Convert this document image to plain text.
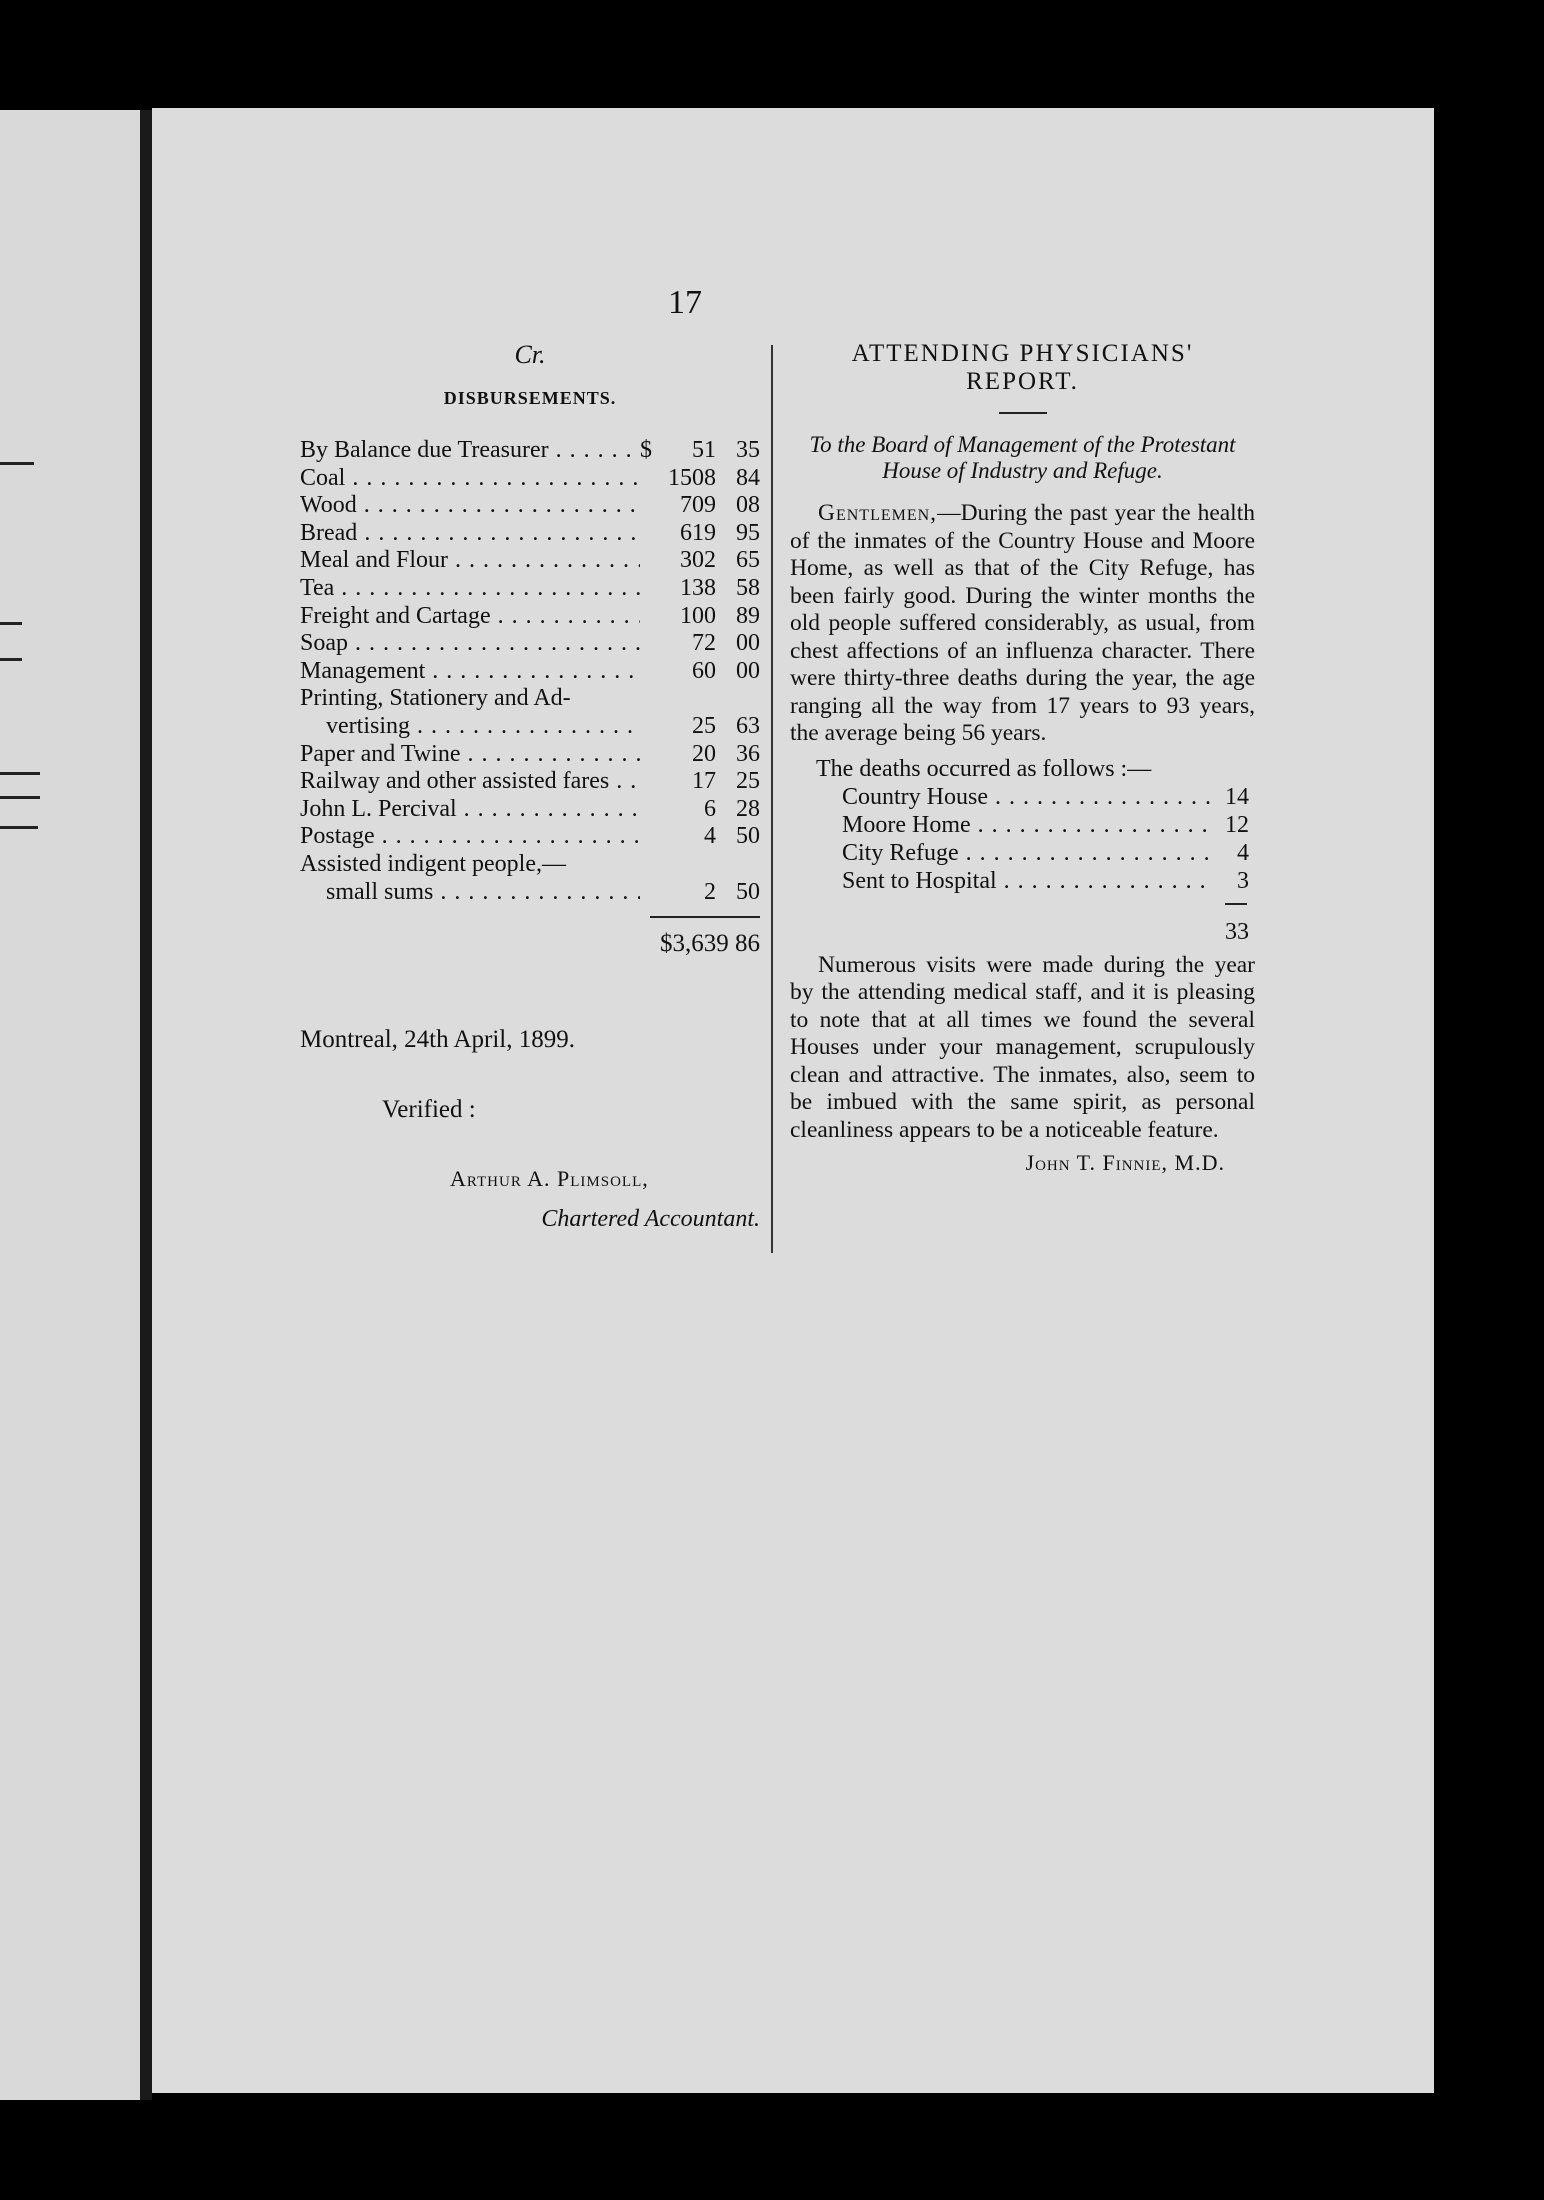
17
Cr.
DISBURSEMENTS.
By Balance due Treasurer . . .	$	51 35
Coal . . .	1508 84
Wood . . .	709 08
Bread . . .	619 95
Meal and Flour . . .	302 65
Tea . . .	138 58
Freight and Cartage . . .	100 89
Soap . . .	72 00
Management . . .	60 00
Printing, Stationery and Ad-
vertising . . .	25 63
Paper and Twine . . .	20 36
Railway and other assisted fares . . .	17 25
John L. Percival . . .	6 28
Postage . . .	4 50
Assisted indigent people,—
small sums . . .	2 50
$3,639 86
Montreal, 24th April, 1899.
Verified :
Arthur A. Plimsoll,
Chartered Accountant.
ATTENDING PHYSICIANS'
REPORT.
To the Board of Management of the Protestant House of Industry and Refuge.
Gentlemen,—During the past year the health of the inmates of the Country House and Moore Home, as well as that of the City Refuge, has been fairly good. During the winter months the old people suffered considerably, as usual, from chest affections of an influenza character. There were thirty-three deaths during the year, the age ranging all the way from 17 years to 93 years, the average being 56 years.
The deaths occurred as follows :—
Country House . . .	14
Moore Home . . .	12
City Refuge . . .	4
Sent to Hospital . . .	3
33
Numerous visits were made during the year by the attending medical staff, and it is pleasing to note that at all times we found the several Houses under your management, scrupulously clean and attractive. The inmates, also, seem to be imbued with the same spirit, as personal cleanliness appears to be a noticeable feature.
John T. Finnie, M.D.
